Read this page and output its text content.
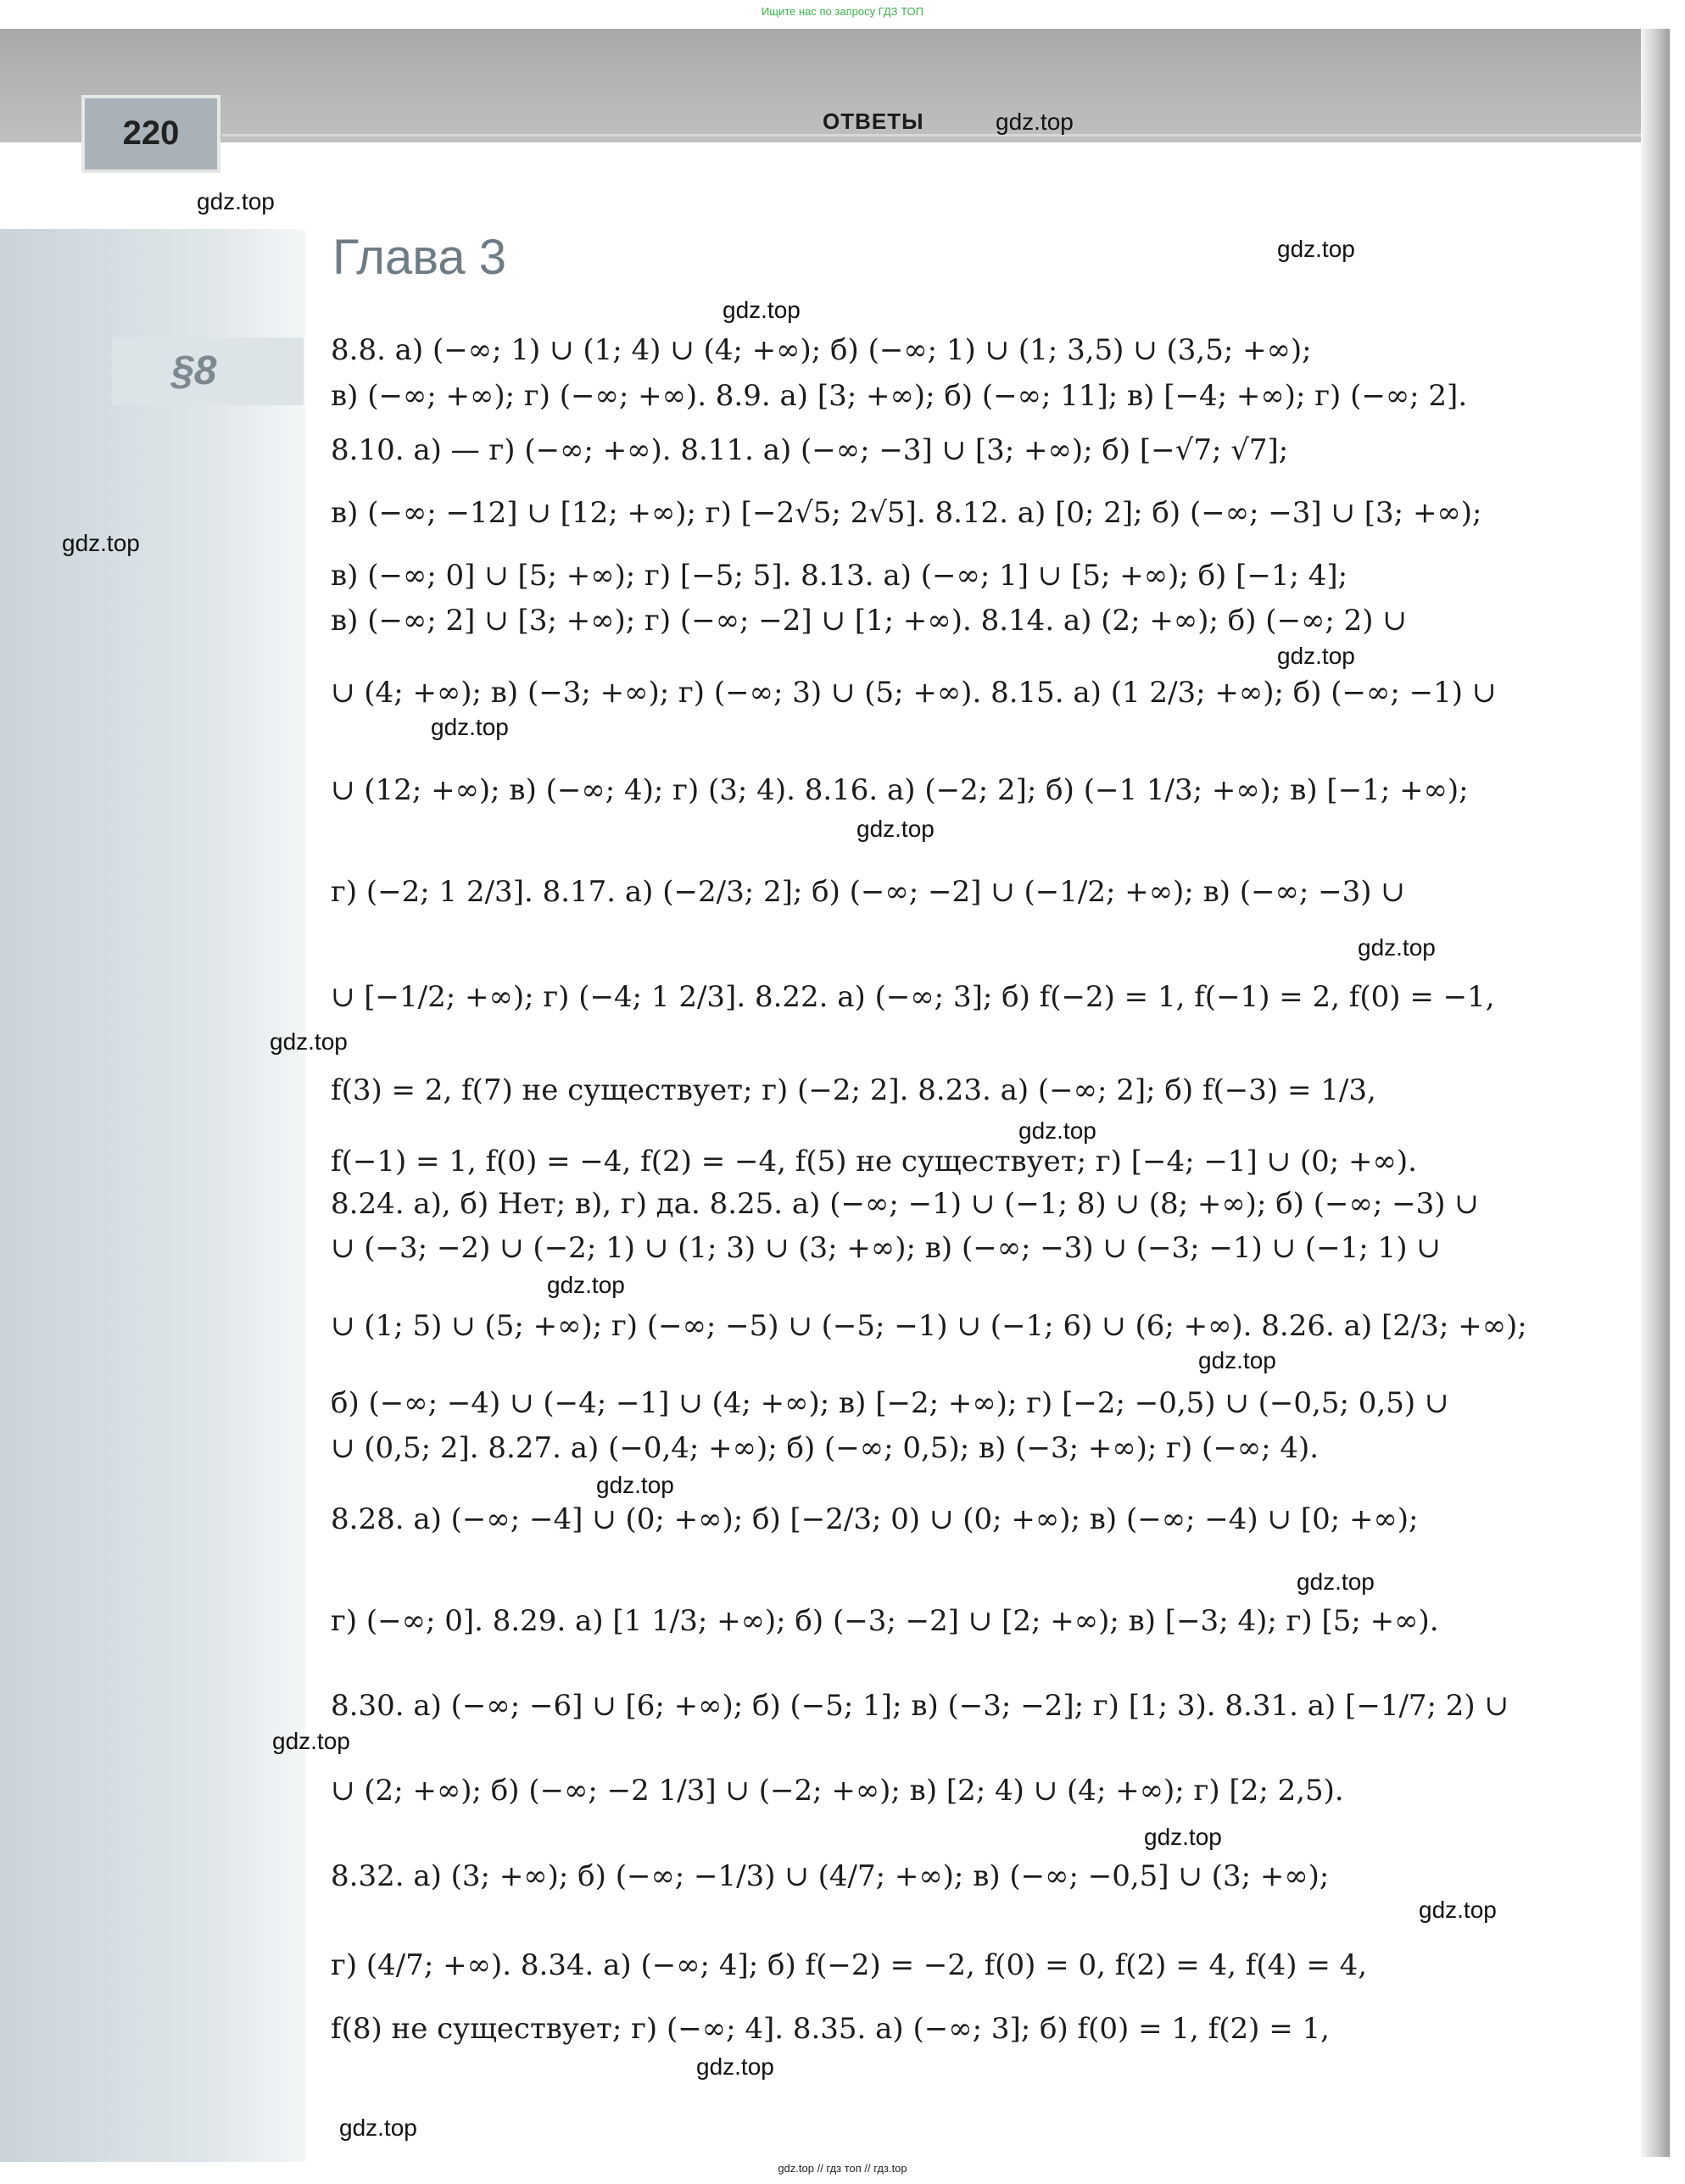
Ищите нас по запросу ГДЗ ТОП
220	ОТВЕТЫ
Глава 3
§8	8.8. а) (−∞; 1) ∪ (1; 4) ∪ (4; +∞); б) (−∞; 1) ∪ (1; 3,5) ∪ (3,5; +∞);
в) (−∞; +∞); г) (−∞; +∞). 8.9. а) [3; +∞); б) (−∞; 11]; в) [−4; +∞); г) (−∞; 2].
8.10. а) — г) (−∞; +∞). 8.11. а) (−∞; −3] ∪ [3; +∞); б) [−√7; √7];
в) (−∞; −12] ∪ [12; +∞); г) [−2√5; 2√5]. 8.12. а) [0; 2]; б) (−∞; −3] ∪ [3; +∞);
в) (−∞; 0] ∪ [5; +∞); г) [−5; 5]. 8.13. а) (−∞; 1] ∪ [5; +∞); б) [−1; 4];
в) (−∞; 2] ∪ [3; +∞); г) (−∞; −2] ∪ [1; +∞). 8.14. а) (2; +∞); б) (−∞; 2) ∪
∪ (4; +∞); в) (−3; +∞); г) (−∞; 3) ∪ (5; +∞). 8.15. а) (1 2/3; +∞); б) (−∞; −1) ∪
∪ (12; +∞); в) (−∞; 4); г) (3; 4). 8.16. а) (−2; 2]; б) (−1 1/3; +∞); в) [−1; +∞);
г) (−2; 1 2/3]. 8.17. а) (−2/3; 2]; б) (−∞; −2] ∪ (−1/2; +∞); в) (−∞; −3) ∪
∪ [−1/2; +∞); г) (−4; 1 2/3]. 8.22. а) (−∞; 3]; б) f(−2) = 1, f(−1) = 2, f(0) = −1,
f(3) = 2, f(7) не существует; г) (−2; 2]. 8.23. а) (−∞; 2]; б) f(−3) = 1/3,
f(−1) = 1, f(0) = −4, f(2) = −4, f(5) не существует; г) [−4; −1] ∪ (0; +∞).
8.24. а), б) Нет; в), г) да. 8.25. а) (−∞; −1) ∪ (−1; 8) ∪ (8; +∞); б) (−∞; −3) ∪
∪ (−3; −2) ∪ (−2; 1) ∪ (1; 3) ∪ (3; +∞); в) (−∞; −3) ∪ (−3; −1) ∪ (−1; 1) ∪
∪ (1; 5) ∪ (5; +∞); г) (−∞; −5) ∪ (−5; −1) ∪ (−1; 6) ∪ (6; +∞). 8.26. а) [2/3; +∞);
б) (−∞; −4) ∪ (−4; −1] ∪ (4; +∞); в) [−2; +∞); г) [−2; −0,5) ∪ (−0,5; 0,5) ∪
∪ (0,5; 2]. 8.27. а) (−0,4; +∞); б) (−∞; 0,5); в) (−3; +∞); г) (−∞; 4).
8.28. а) (−∞; −4] ∪ (0; +∞); б) [−2/3; 0) ∪ (0; +∞); в) (−∞; −4) ∪ [0; +∞);
г) (−∞; 0]. 8.29. а) [1 1/3; +∞); б) (−3; −2] ∪ [2; +∞); в) [−3; 4); г) [5; +∞).
8.30. а) (−∞; −6] ∪ [6; +∞); б) (−5; 1]; в) (−3; −2]; г) [1; 3). 8.31. а) [−1/7; 2) ∪
∪ (2; +∞); б) (−∞; −2 1/3] ∪ (−2; +∞); в) [2; 4) ∪ (4; +∞); г) [2; 2,5).
8.32. а) (3; +∞); б) (−∞; −1/3) ∪ (4/7; +∞); в) (−∞; −0,5] ∪ (3; +∞);
г) (4/7; +∞). 8.34. а) (−∞; 4]; б) f(−2) = −2, f(0) = 0, f(2) = 4, f(4) = 4,
f(8) не существует; г) (−∞; 4]. 8.35. а) (−∞; 3]; б) f(0) = 1, f(2) = 1,
gdz.top
gdz.top
gdz.top
gdz.top
gdz.top
gdz.top
gdz.top
gdz.top
gdz.top
gdz.top
gdz.top
gdz.top
gdz.top
gdz.top
gdz.top
gdz.top
gdz.top
gdz.top
gdz.top
gdz.top
gdz.top // гдз топ // гдз.top
